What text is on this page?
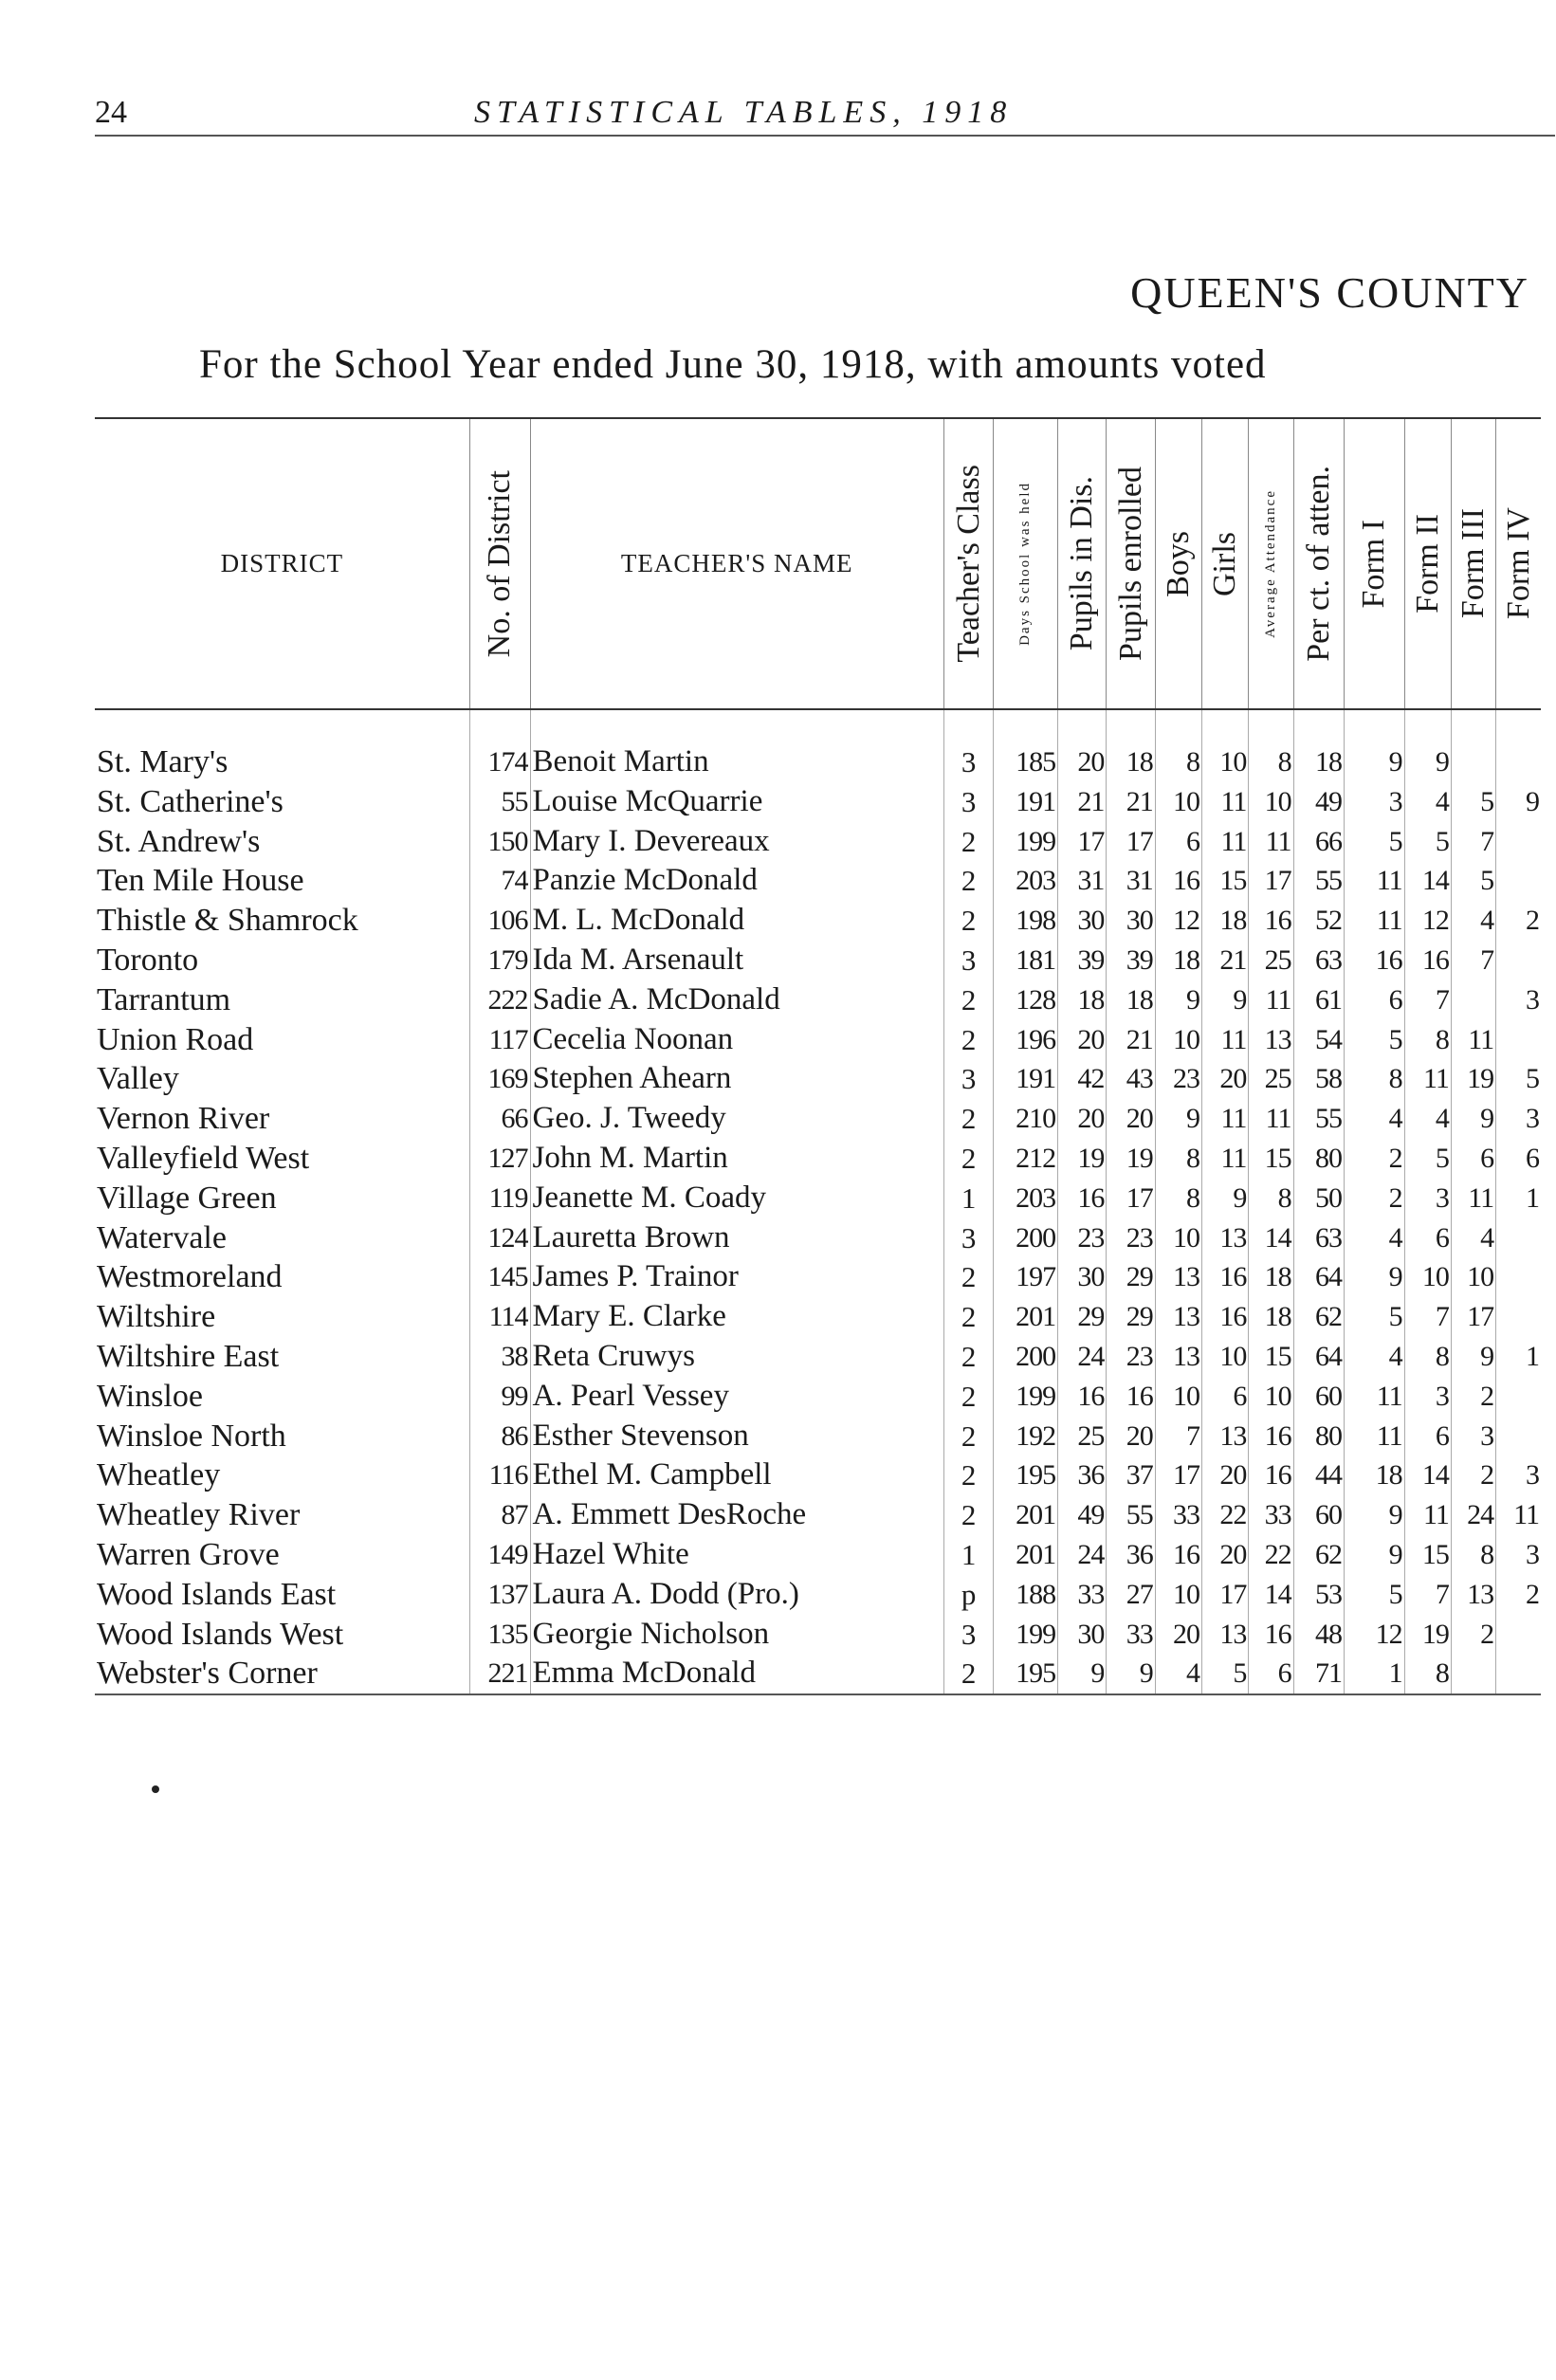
24	STATISTICAL TABLES, 1918
QUEEN'S COUNTY
For the School Year ended June 30, 1918, with amounts voted
DISTRICT	No. of District	TEACHER'S NAME	Teacher's Class	Days School was held	Pupils in Dis.	Pupils enrolled	Boys	Girls	Average Attendance	Per ct. of atten.	Form I	Form II	Form III	Form IV

St. Mary's	174	Benoit Martin	3	185	20	18	8	10	8	18	9	9		
St. Catherine's	55	Louise McQuarrie	3	191	21	21	10	11	10	49	3	4	5	9
St. Andrew's	150	Mary I. Devereaux	2	199	17	17	6	11	11	66	5	5	7	
Ten Mile House	74	Panzie McDonald	2	203	31	31	16	15	17	55	11	14	5	
Thistle & Shamrock	106	M. L. McDonald	2	198	30	30	12	18	16	52	11	12	4	2
Toronto	179	Ida M. Arsenault	3	181	39	39	18	21	25	63	16	16	7	
Tarrantum	222	Sadie A. McDonald	2	128	18	18	9	9	11	61	6	7		3
Union Road	117	Cecelia Noonan	2	196	20	21	10	11	13	54	5	8	11	
Valley	169	Stephen Ahearn	3	191	42	43	23	20	25	58	8	11	19	5
Vernon River	66	Geo. J. Tweedy	2	210	20	20	9	11	11	55	4	4	9	3
Valleyfield West	127	John M. Martin	2	212	19	19	8	11	15	80	2	5	6	6
Village Green	119	Jeanette M. Coady	1	203	16	17	8	9	8	50	2	3	11	1
Watervale	124	Lauretta Brown	3	200	23	23	10	13	14	63	4	6	4	
Westmoreland	145	James P. Trainor	2	197	30	29	13	16	18	64	9	10	10	
Wiltshire	114	Mary E. Clarke	2	201	29	29	13	16	18	62	5	7	17	
Wiltshire East	38	Reta Cruwys	2	200	24	23	13	10	15	64	4	8	9	1
Winsloe	99	A. Pearl Vessey	2	199	16	16	10	6	10	60	11	3	2	
Winsloe North	86	Esther Stevenson	2	192	25	20	7	13	16	80	11	6	3	
Wheatley	116	Ethel M. Campbell	2	195	36	37	17	20	16	44	18	14	2	3
Wheatley River	87	A. Emmett DesRoche	2	201	49	55	33	22	33	60	9	11	24	11
Warren Grove	149	Hazel White	1	201	24	36	16	20	22	62	9	15	8	3
Wood Islands East	137	Laura A. Dodd (Pro.)	p	188	33	27	10	17	14	53	5	7	13	2
Wood Islands West	135	Georgie Nicholson	3	199	30	33	20	13	16	48	12	19	2	
Webster's Corner	221	Emma McDonald	2	195	9	9	4	5	6	71	1	8		
